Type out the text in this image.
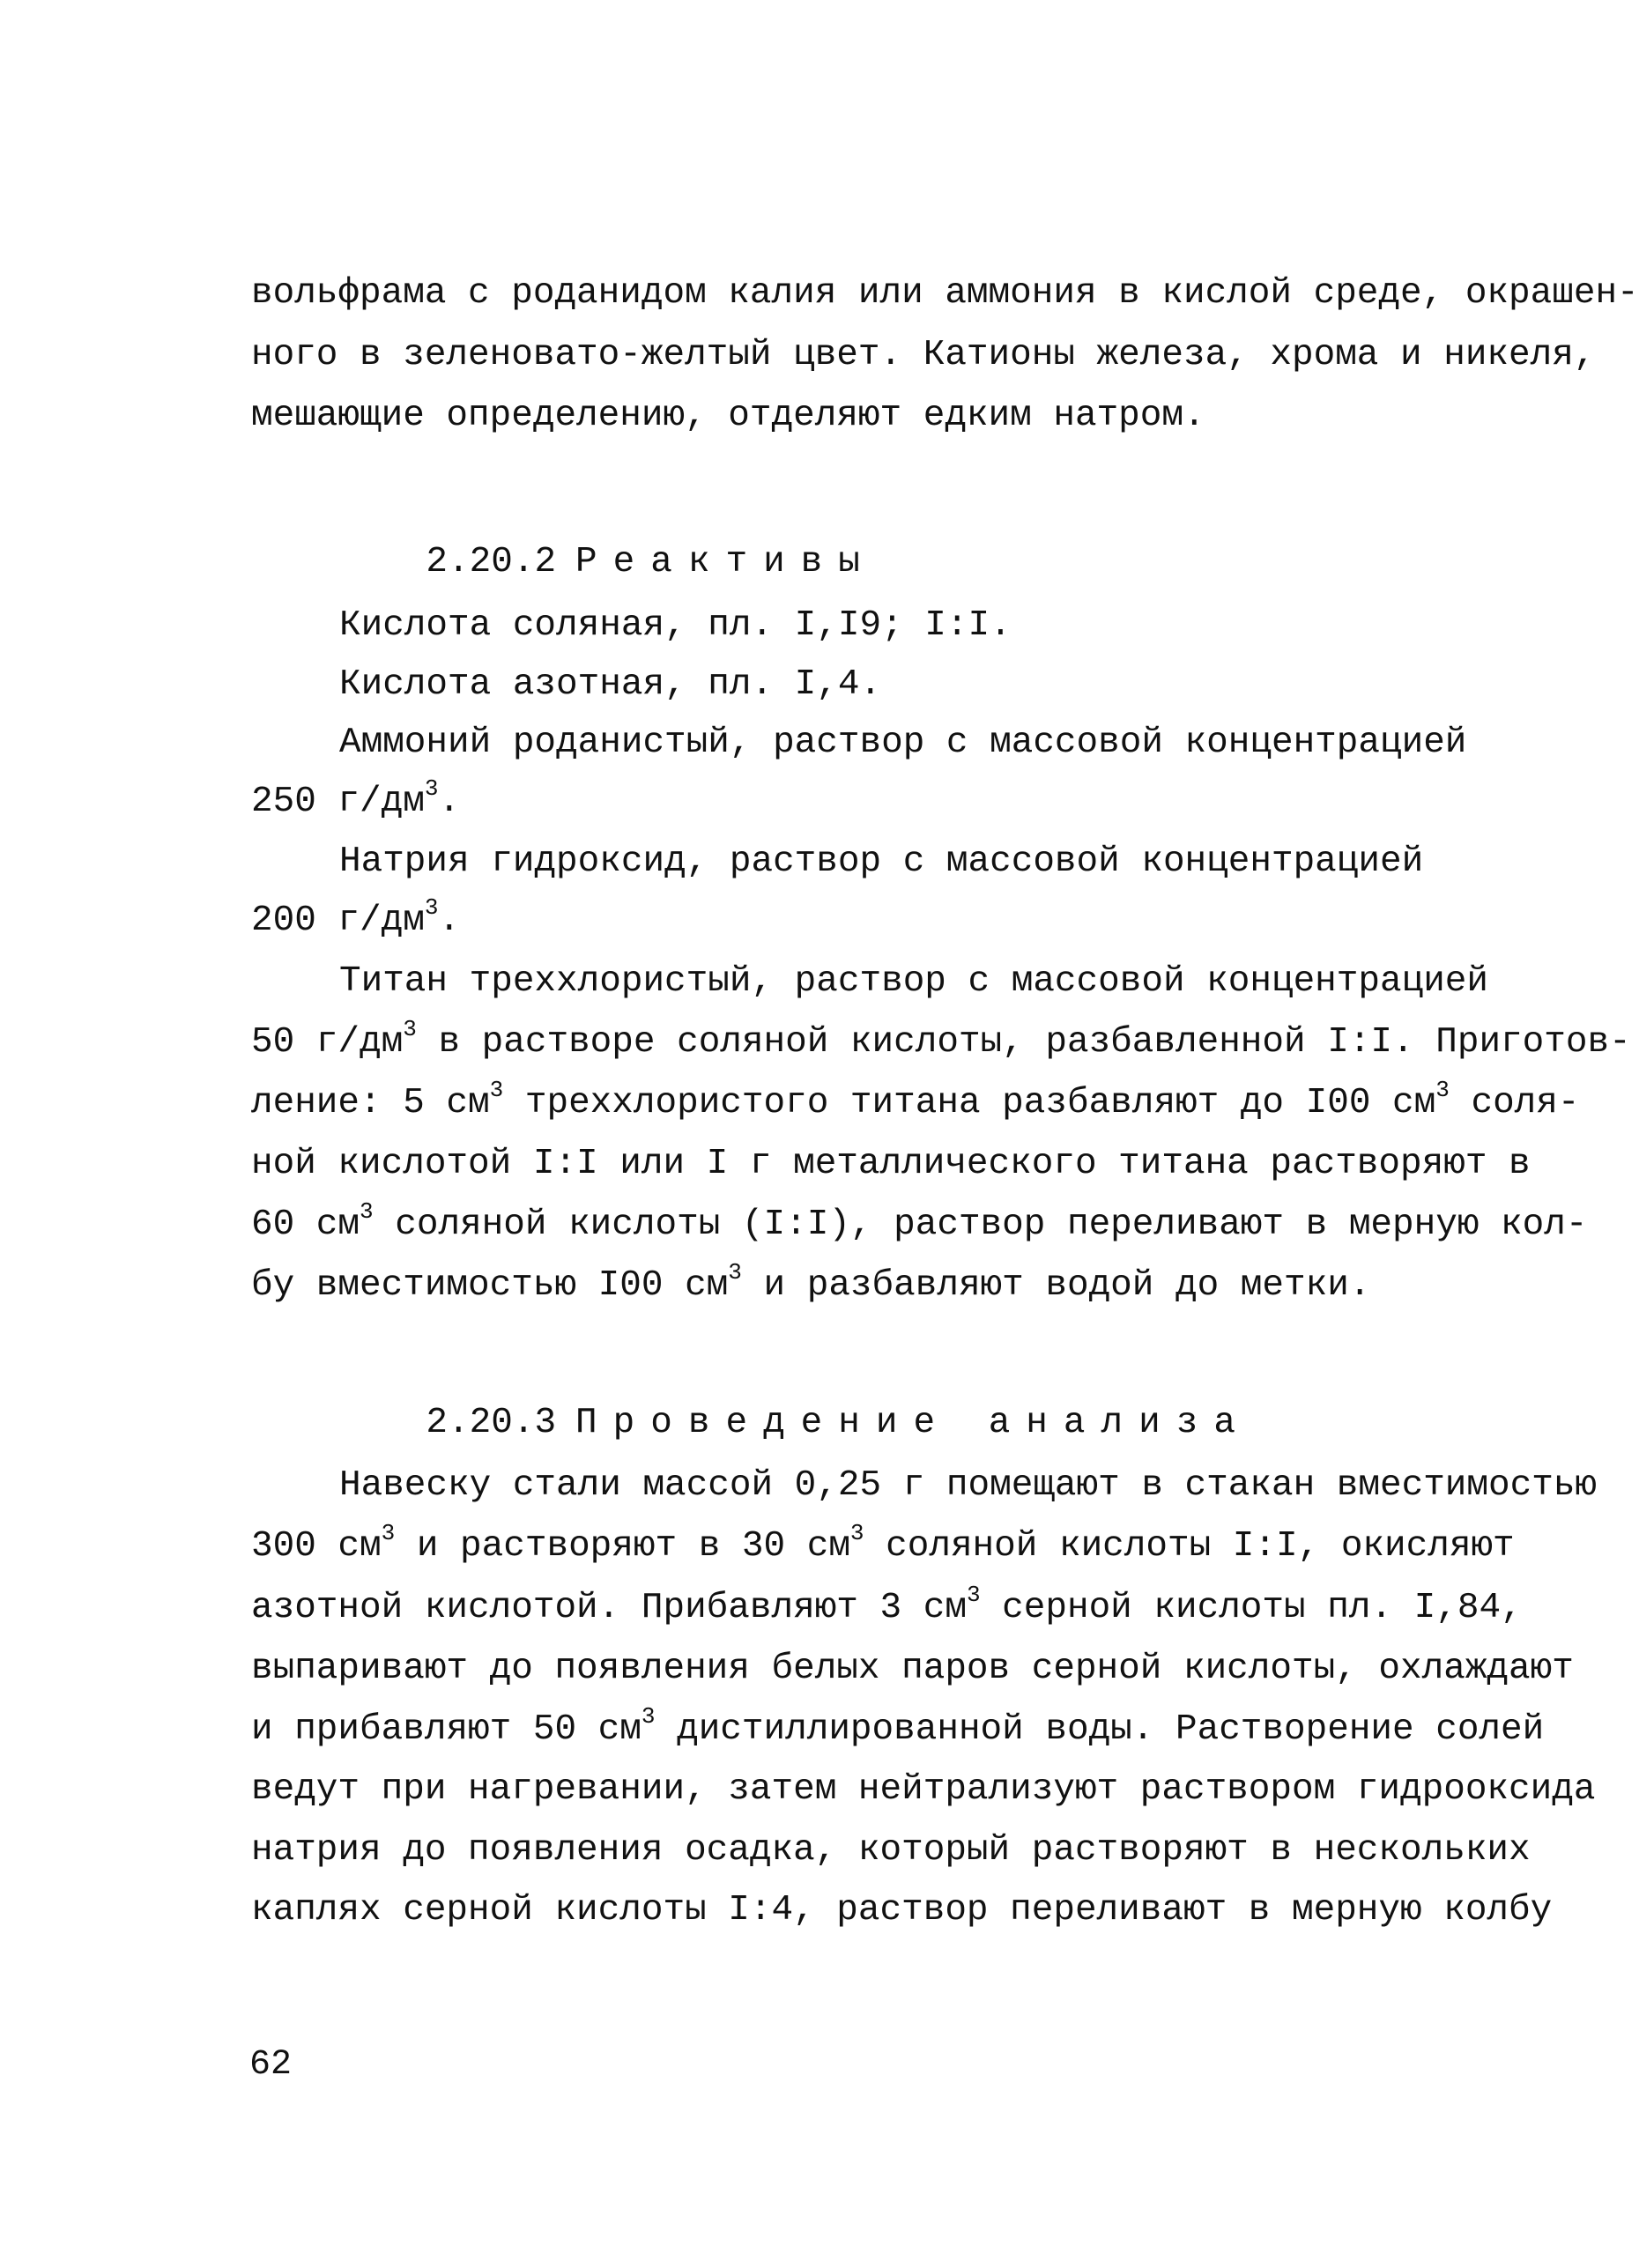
вольфрама с роданидом калия или аммония в кислой среде, окрашен-
ного в зеленовато-желтый цвет. Катионы железа, хрома и никеля,
мешающие определению, отделяют едким натром.

2.20.2 Реактивы

Кислота соляная, пл. I,I9; I:I.
Кислота азотная, пл. I,4.
Аммоний роданистый, раствор с массовой концентрацией
250 $г/дм^3$.
Натрия гидроксид, раствор с массовой концентрацией
200 $г/дм^3$.
Титан треххлористый, раствор с массовой концентрацией
50 $г/дм^3$ в растворе соляной кислоты, разбавленной I:I. Приготов-
ление: 5 $см^3$ треххлористого титана разбавляют до I00 $см^3$ соля-
ной кислотой I:I или I г металлического титана растворяют в
60 $см^3$ соляной кислоты (I:I), раствор переливают в мерную кол-
бу вместимостью I00 $см^3$ и разбавляют водой до метки.

2.20.3 Проведение анализа

Навеску стали массой 0,25 г помещают в стакан вместимостью
300 $см^3$ и растворяют в 30 $см^3$ соляной кислоты I:I, окисляют
азотной кислотой. Прибавляют 3 $см^3$ серной кислоты пл. I,84,
выпаривают до появления белых паров серной кислоты, охлаждают
и прибавляют 50 $см^3$ дистиллированной воды. Растворение солей
ведут при нагревании, затем нейтрализуют раствором гидрооксида
натрия до появления осадка, который растворяют в нескольких
каплях серной кислоты I:4, раствор переливают в мерную колбу
62
